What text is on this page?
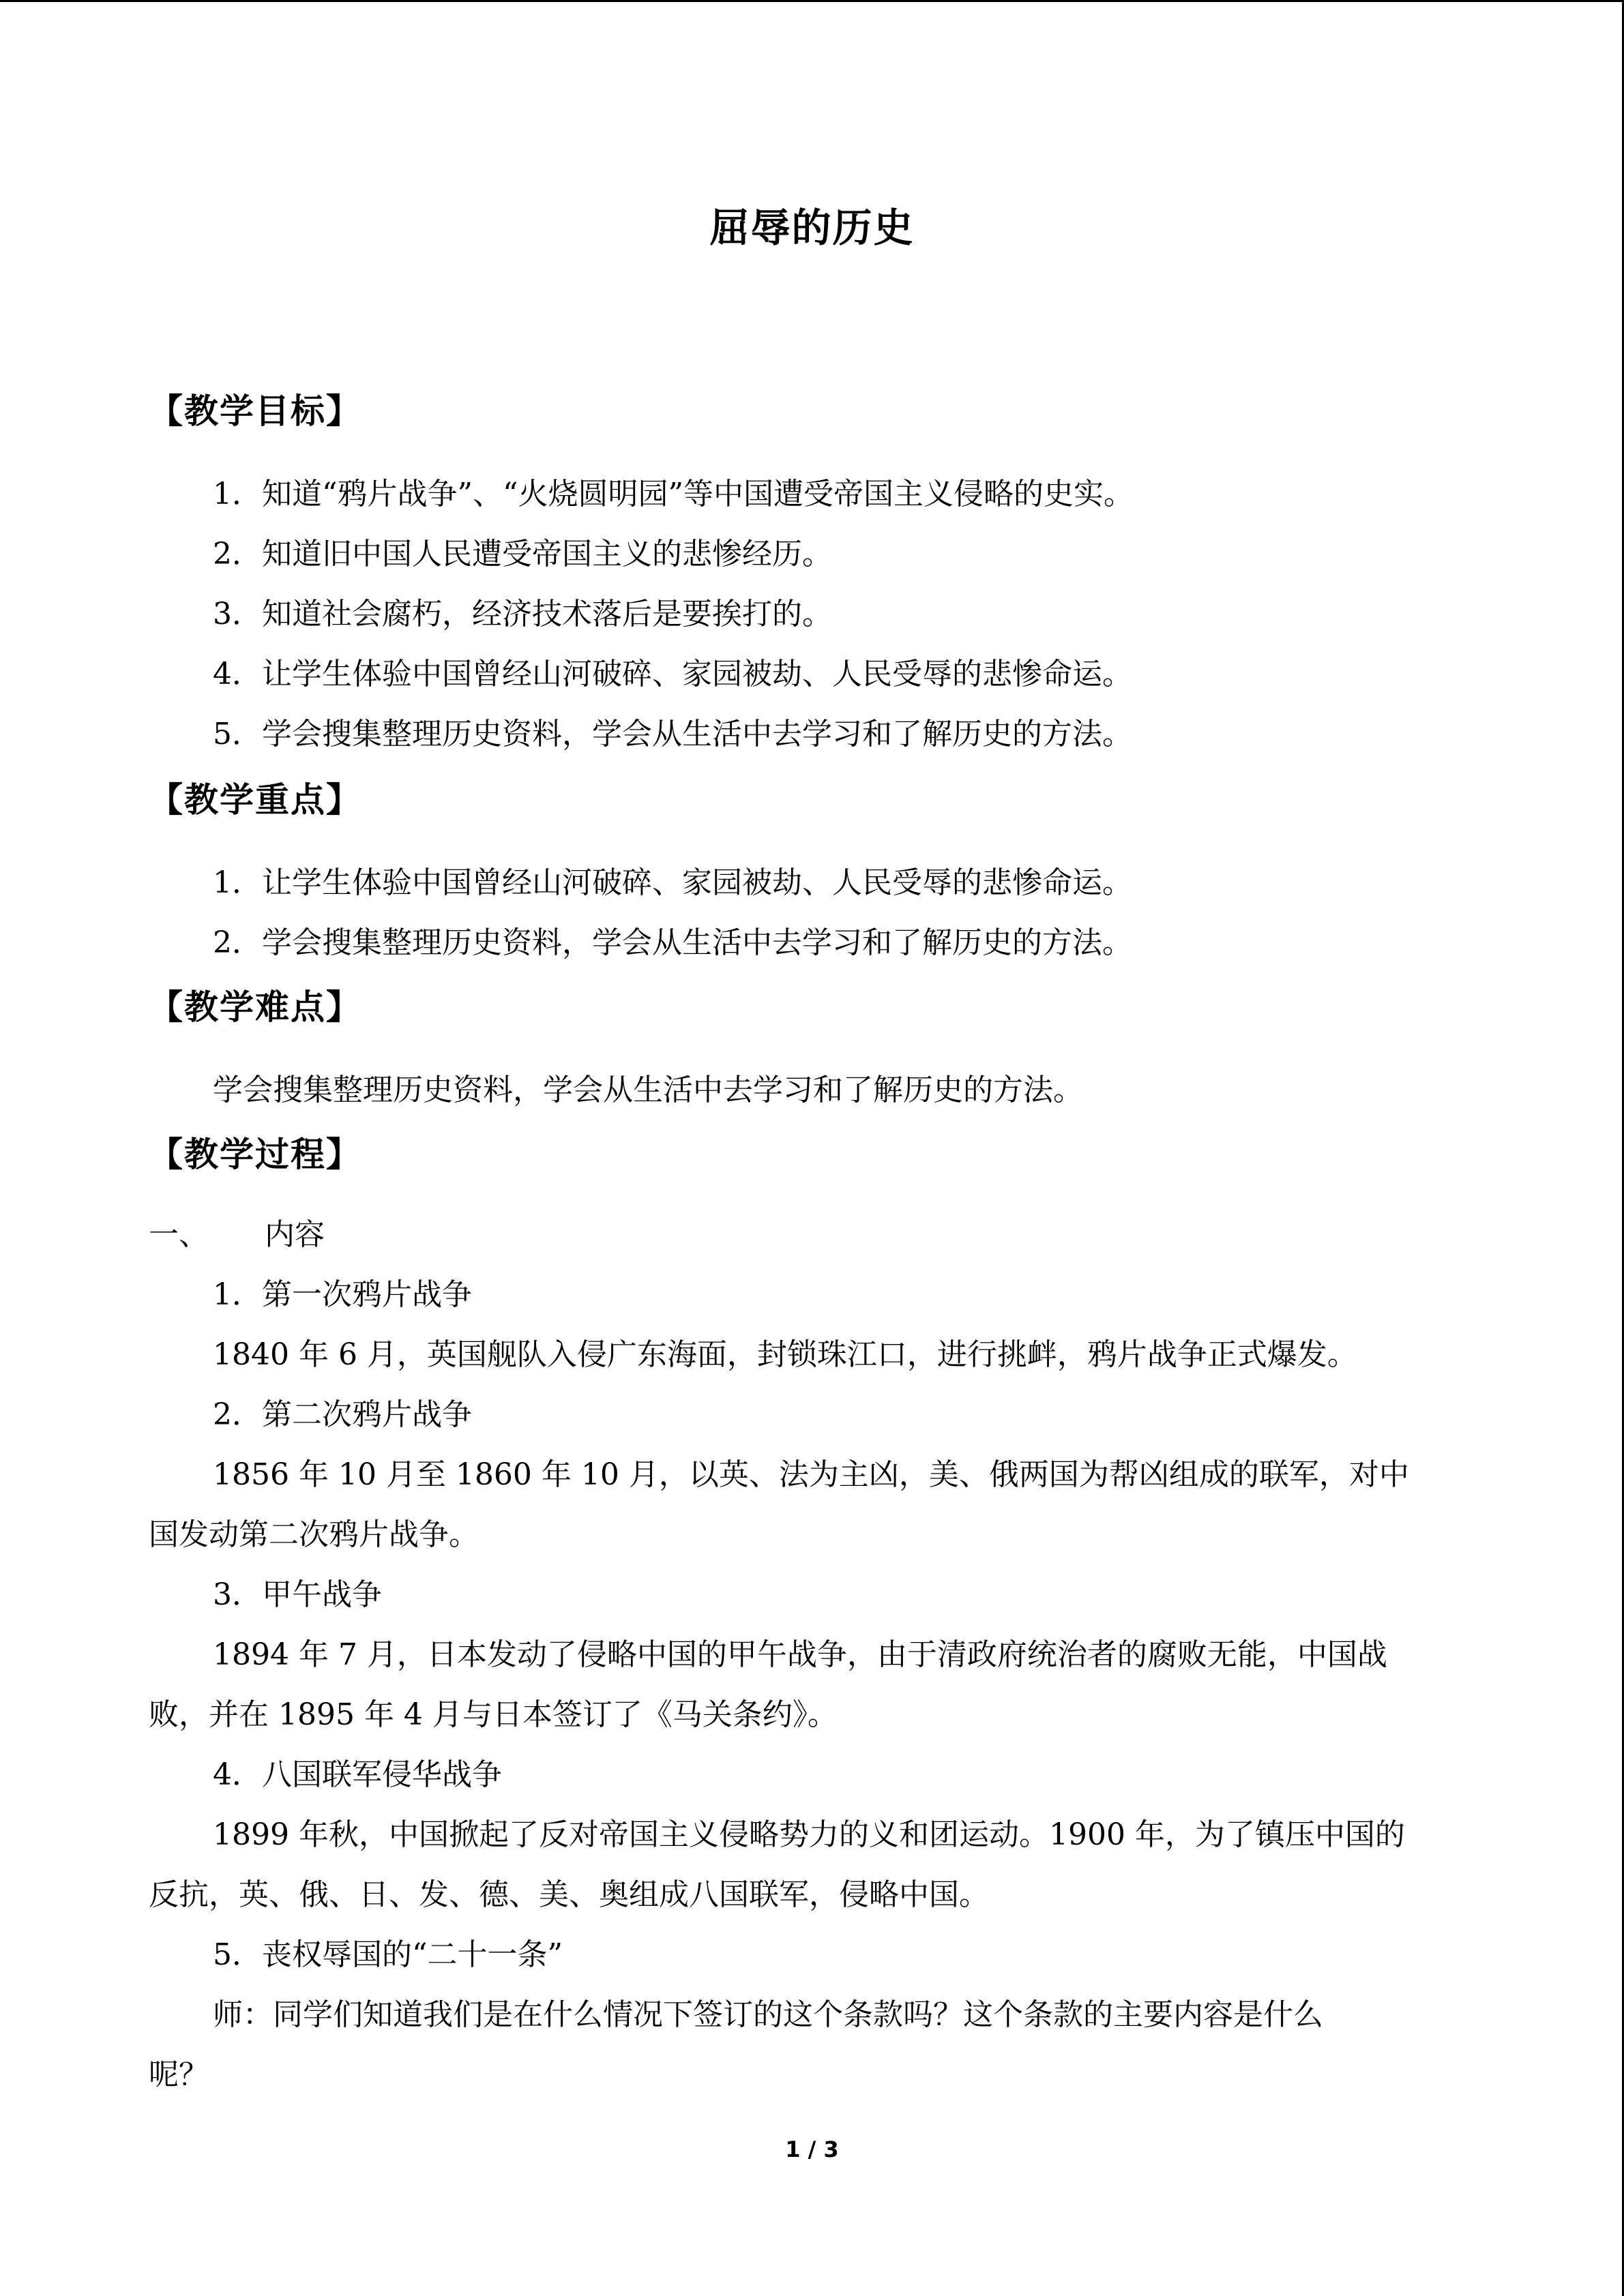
屈辱的历史
【教学目标】
1．知道“鸦片战争”、“火烧圆明园”等中国遭受帝国主义侵略的史实。
2．知道旧中国人民遭受帝国主义的悲惨经历。
3．知道社会腐朽，经济技术落后是要挨打的。
4．让学生体验中国曾经山河破碎、家园被劫、人民受辱的悲惨命运。
5．学会搜集整理历史资料，学会从生活中去学习和了解历史的方法。
【教学重点】
1．让学生体验中国曾经山河破碎、家园被劫、人民受辱的悲惨命运。
2．学会搜集整理历史资料，学会从生活中去学习和了解历史的方法。
【教学难点】
学会搜集整理历史资料，学会从生活中去学习和了解历史的方法。
【教学过程】
一、 内容
1．第一次鸦片战争
1840 年 6 月，英国舰队入侵广东海面，封锁珠江口，进行挑衅，鸦片战争正式爆发。
2．第二次鸦片战争
1856 年 10 月至 1860 年 10 月，以英、法为主凶，美、俄两国为帮凶组成的联军，对中
国发动第二次鸦片战争。
3．甲午战争
1894 年 7 月，日本发动了侵略中国的甲午战争，由于清政府统治者的腐败无能，中国战
败，并在 1895 年 4 月与日本签订了《马关条约》。
4．八国联军侵华战争
1899 年秋，中国掀起了反对帝国主义侵略势力的义和团运动。1900 年，为了镇压中国的
反抗，英、俄、日、发、德、美、奥组成八国联军，侵略中国。
5．丧权辱国的“二十一条”
师：同学们知道我们是在什么情况下签订的这个条款吗？这个条款的主要内容是什么
呢？
1 / 3
